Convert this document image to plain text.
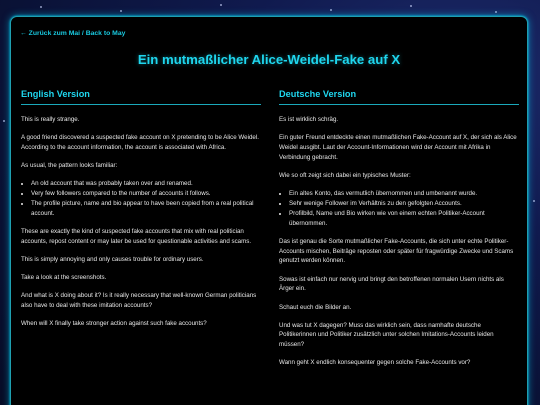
← Zurück zum Mai / Back to May
Ein mutmaßlicher Alice-Weidel-Fake auf X
English Version

This is really strange.

A good friend discovered a suspected fake account on X pretending to be Alice Weidel. According to the account information, the account is associated with Africa.

As usual, the pattern looks familiar:

• An old account that was probably taken over and renamed.
• Very few followers compared to the number of accounts it follows.
• The profile picture, name and bio appear to have been copied from a real political account.

These are exactly the kind of suspected fake accounts that mix with real politician accounts, repost content or may later be used for questionable activities and scams.

This is simply annoying and only causes trouble for ordinary users.

Take a look at the screenshots.

And what is X doing about it? Is it really necessary that well-known German politicians also have to deal with these imitation accounts?

When will X finally take stronger action against such fake accounts?

Deutsche Version

Es ist wirklich schräg.

Ein guter Freund entdeckte einen mutmaßlichen Fake-Account auf X, der sich als Alice Weidel ausgibt. Laut der Account-Informationen wird der Account mit Afrika in Verbindung gebracht.

Wie so oft zeigt sich dabei ein typisches Muster:

• Ein altes Konto, das vermutlich übernommen und umbenannt wurde.
• Sehr wenige Follower im Verhältnis zu den gefolgten Accounts.
• Profilbild, Name und Bio wirken wie von einem echten Politiker-Account übernommen.

Das ist genau die Sorte mutmaßlicher Fake-Accounts, die sich unter echte Politiker-Accounts mischen, Beiträge reposten oder später für fragwürdige Zwecke und Scams genutzt werden können.

Sowas ist einfach nur nervig und bringt den betroffenen normalen Usern nichts als Ärger ein.

Schaut euch die Bilder an.

Und was tut X dagegen? Muss das wirklich sein, dass namhafte deutsche Politikerinnen und Politiker zusätzlich unter solchen Imitations-Accounts leiden müssen?

Wann geht X endlich konsequenter gegen solche Fake-Accounts vor?
